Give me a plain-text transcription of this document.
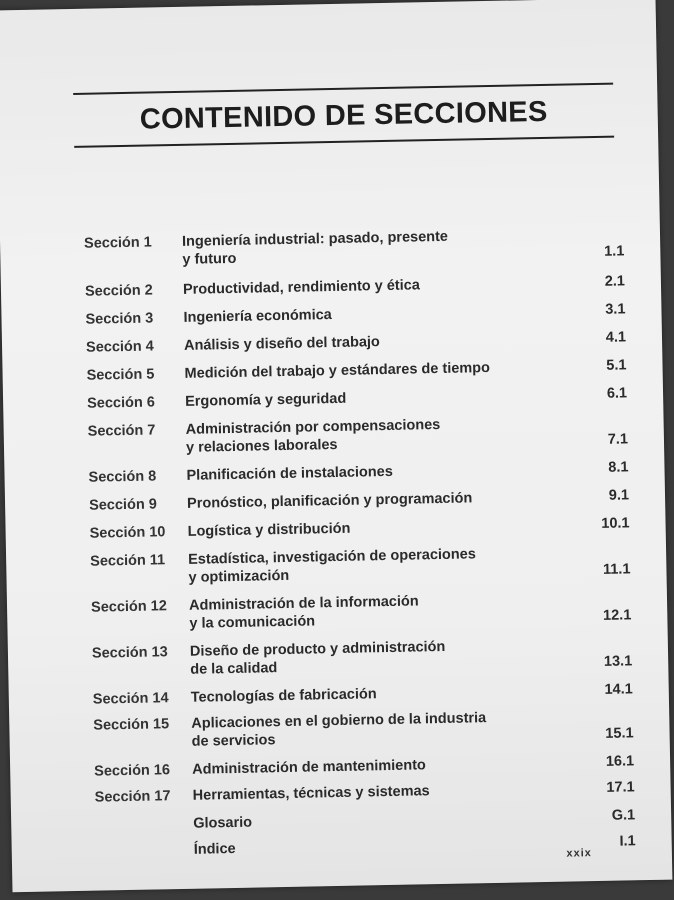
CONTENIDO DE SECCIONES
Sección 1	Ingeniería industrial: pasado, presente
y futuro	1.1
Sección 2	Productividad, rendimiento y ética	2.1
Sección 3	Ingeniería económica	3.1
Sección 4	Análisis y diseño del trabajo	4.1
Sección 5	Medición del trabajo y estándares de tiempo	5.1
Sección 6	Ergonomía y seguridad	6.1
Sección 7	Administración por compensaciones
y relaciones laborales	7.1
Sección 8	Planificación de instalaciones	8.1
Sección 9	Pronóstico, planificación y programación	9.1
Sección 10	Logística y distribución	10.1
Sección 11	Estadística, investigación de operaciones
y optimización	11.1
Sección 12	Administración de la información
y la comunicación	12.1
Sección 13	Diseño de producto y administración
de la calidad	13.1
Sección 14	Tecnologías de fabricación	14.1
Sección 15	Aplicaciones en el gobierno de la industria
de servicios	15.1
Sección 16	Administración de mantenimiento	16.1
Sección 17	Herramientas, técnicas y sistemas	17.1
Glosario	G.1
Índice	I.1
xxix
